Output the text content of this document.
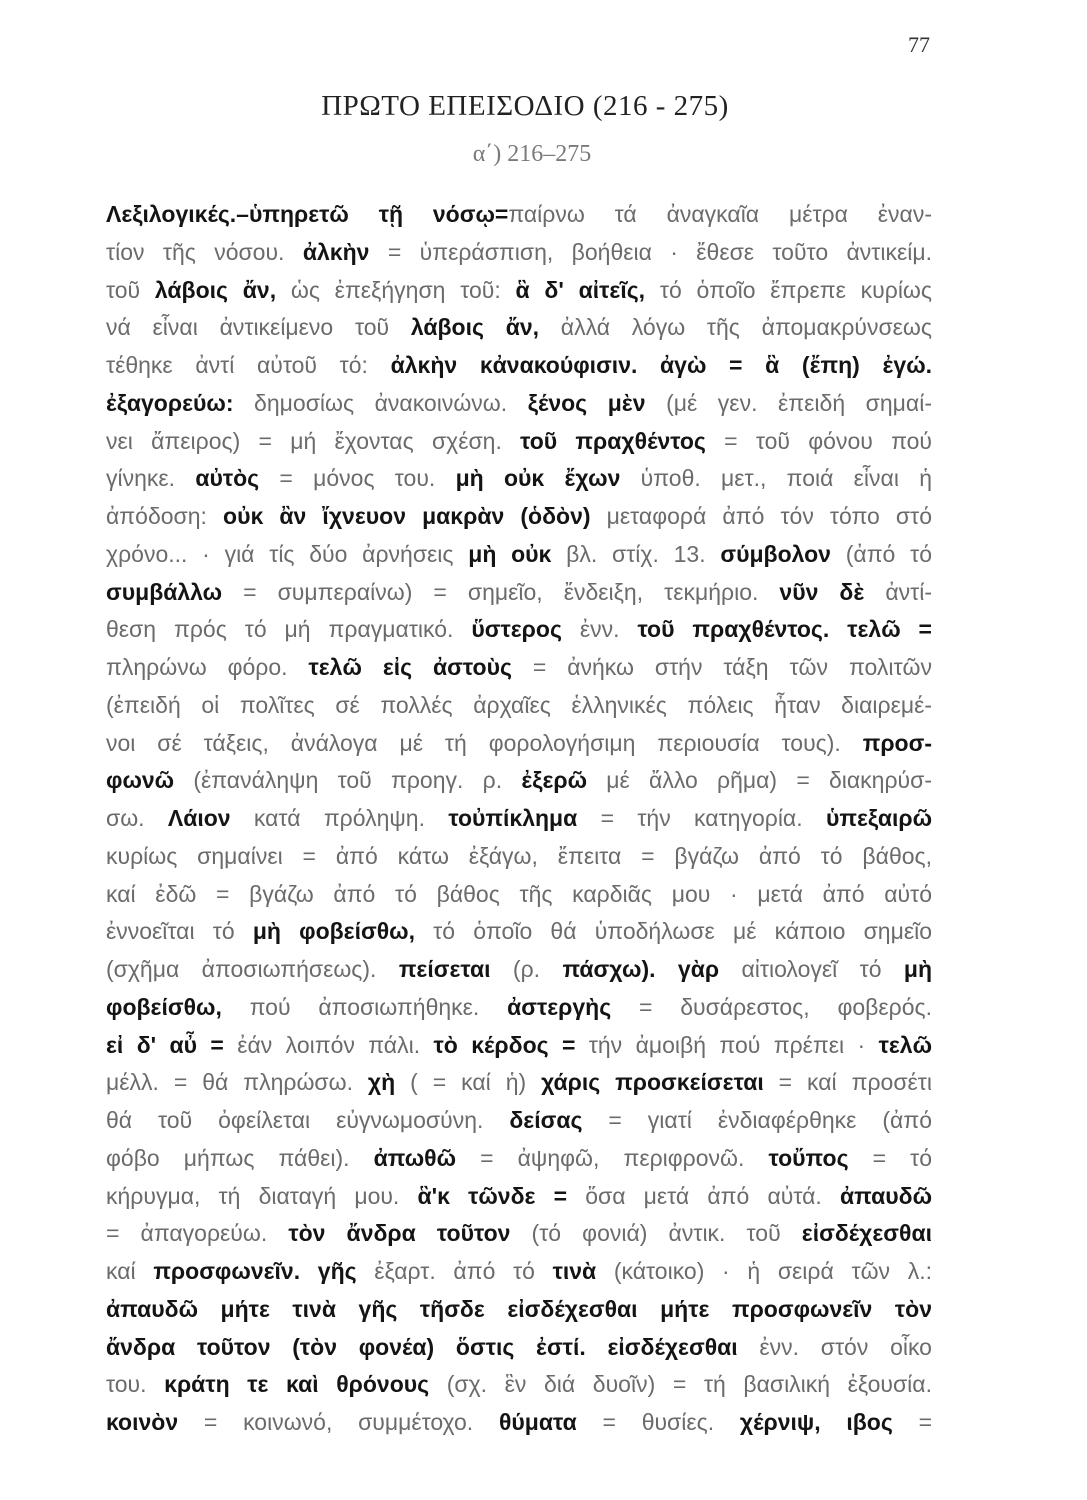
77
ΠΡΩΤΟ ΕΠΕΙΣΟΔΙΟ (216 - 275)
α΄) 216–275
Λεξιλογικές.–ὑπηρετῶ τῇ νόσῳ=παίρνω τά ἀναγκαῖα μέτρα ἐναν-
τίον τῆς νόσου. ἀλκὴν = ὑπεράσπιση, βοήθεια · ἔθεσε τοῦτο ἀντικείμ.
τοῦ λάβοις ἄν, ὡς ἐπεξήγηση τοῦ: ἃ δ' αἰτεῖς, τό ὁποῖο ἔπρεπε κυρίως
νά εἶναι ἀντικείμενο τοῦ λάβοις ἄν, ἀλλά λόγω τῆς ἀπομακρύνσεως
τέθηκε ἀντί αὐτοῦ τό: ἀλκὴν κἀνακούφισιν. ἀγὼ = ἃ (ἔπη) ἐγώ.
ἐξαγορεύω: δημοσίως ἀνακοινώνω. ξένος μὲν (μέ γεν. ἐπειδή σημαί-
νει ἄπειρος) = μή ἔχοντας σχέση. τοῦ πραχθέντος = τοῦ φόνου πού
γίνηκε. αὐτὸς = μόνος του. μὴ οὐκ ἔχων ὑποθ. μετ., ποιά εἶναι ἡ
ἀπόδοση: οὐκ ἂν ἴχνευον μακρὰν (ὁδὸν) μεταφορά ἀπό τόν τόπο στό
χρόνο... · γιά τίς δύο ἀρνήσεις μὴ οὐκ βλ. στίχ. 13. σύμβολον (ἀπό τό
συμβάλλω = συμπεραίνω) = σημεῖο, ἔνδειξη, τεκμήριο. νῦν δὲ ἀντί-
θεση πρός τό μή πραγματικό. ὕστερος ἐνν. τοῦ πραχθέντος. τελῶ =
πληρώνω φόρο. τελῶ εἰς ἀστοὺς = ἀνήκω στήν τάξη τῶν πολιτῶν
(ἐπειδή οἱ πολῖτες σέ πολλές ἀρχαῖες ἑλληνικές πόλεις ἦταν διαιρεμέ-
νοι σέ τάξεις, ἀνάλογα μέ τή φορολογήσιμη περιουσία τους). προσ-
φωνῶ (ἐπανάληψη τοῦ προηγ. ρ. ἐξερῶ μέ ἄλλο ρῆμα) = διακηρύσ-
σω. Λάιον κατά πρόληψη. τοὐπίκλημα = τήν κατηγορία. ὑπεξαιρῶ
κυρίως σημαίνει = ἀπό κάτω ἐξάγω, ἔπειτα = βγάζω ἀπό τό βάθος,
καί ἐδῶ = βγάζω ἀπό τό βάθος τῆς καρδιᾶς μου · μετά ἀπό αὐτό
ἐννοεῖται τό μὴ φοβείσθω, τό ὁποῖο θά ὑποδήλωσε μέ κάποιο σημεῖο
(σχῆμα ἀποσιωπήσεως). πείσεται (ρ. πάσχω). γὰρ αἰτιολογεῖ τό μὴ
φοβείσθω, πού ἀποσιωπήθηκε. ἀστεργὴς = δυσάρεστος, φοβερός.
εἰ δ' αὖ = ἐάν λοιπόν πάλι. τὸ κέρδος = τήν ἀμοιβή πού πρέπει · τελῶ
μέλλ. = θά πληρώσω. χὴ ( = καί ἡ) χάρις προσκείσεται = καί προσέτι
θά τοῦ ὀφείλεται εὐγνωμοσύνη. δείσας = γιατί ἐνδιαφέρθηκε (ἀπό
φόβο μήπως πάθει). ἀπωθῶ = ἀψηφῶ, περιφρονῶ. τοὔπος = τό
κήρυγμα, τή διαταγή μου. ἃ'κ τῶνδε = ὅσα μετά ἀπό αὐτά. ἀπαυδῶ
= ἀπαγορεύω. τὸν ἄνδρα τοῦτον (τό φονιά) ἀντικ. τοῦ εἰσδέχεσθαι
καί προσφωνεῖν. γῆς ἐξαρτ. ἀπό τό τινὰ (κάτοικο) · ἡ σειρά τῶν λ.:
ἀπαυδῶ μήτε τινὰ γῆς τῆσδε εἰσδέχεσθαι μήτε προσφωνεῖν τὸν
ἄνδρα τοῦτον (τὸν φονέα) ὅστις ἐστί. εἰσδέχεσθαι ἐνν. στόν οἶκο
του. κράτη τε καὶ θρόνους (σχ. ἓν διά δυοῖν) = τή βασιλική ἐξουσία.
κοινὸν = κοινωνό, συμμέτοχο. θύματα = θυσίες. χέρνιψ, ιβος =
